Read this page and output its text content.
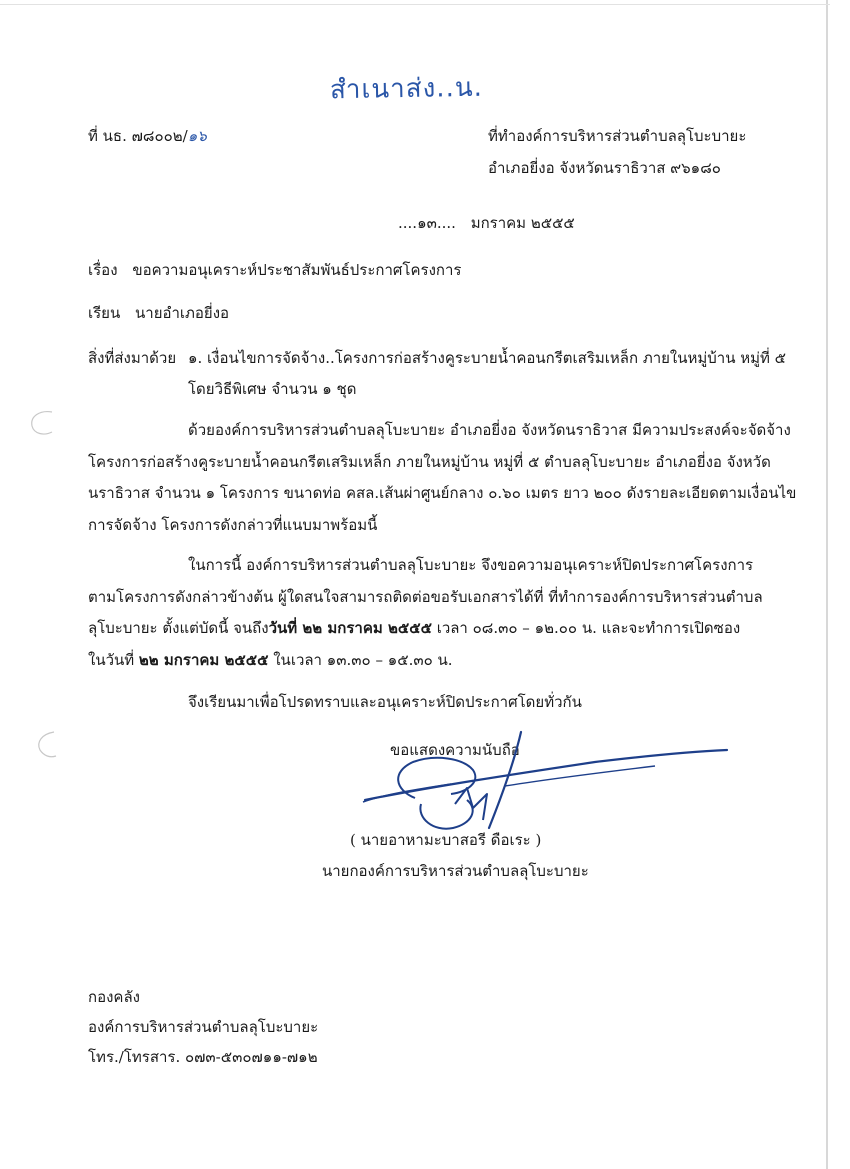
สำเนาส่ง..น.
ที่ นธ. ๗๘๐๐๒/๑๖	ที่ทำองค์การบริหารส่วนตำบลลุโบะบายะ
อำเภอยี่งอ จังหวัดนราธิวาส ๙๖๑๘๐
....๑๓.... มกราคม ๒๕๕๕
เรื่อง ขอความอนุเคราะห์ประชาสัมพันธ์ประกาศโครงการ
เรียน นายอำเภอยี่งอ
สิ่งที่ส่งมาด้วย ๑. เงื่อนไขการจัดจ้าง..โครงการก่อสร้างคูระบายน้ำคอนกรีตเสริมเหล็ก ภายในหมู่บ้าน หมู่ที่ ๕
โดยวิธีพิเศษ จำนวน ๑ ชุด
ด้วยองค์การบริหารส่วนตำบลลุโบะบายะ อำเภอยี่งอ จังหวัดนราธิวาส มีความประสงค์จะจัดจ้าง
โครงการก่อสร้างคูระบายน้ำคอนกรีตเสริมเหล็ก ภายในหมู่บ้าน หมู่ที่ ๕ ตำบลลุโบะบายะ อำเภอยี่งอ จังหวัด
นราธิวาส จำนวน ๑ โครงการ ขนาดท่อ คสล.เส้นผ่าศูนย์กลาง ๐.๖๐ เมตร ยาว ๒๐๐ ดังรายละเอียดตามเงื่อนไข
การจัดจ้าง โครงการดังกล่าวที่แนบมาพร้อมนี้
ในการนี้ องค์การบริหารส่วนตำบลลุโบะบายะ จึงขอความอนุเคราะห์ปิดประกาศโครงการ
ตามโครงการดังกล่าวข้างต้น ผู้ใดสนใจสามารถติดต่อขอรับเอกสารได้ที่ ที่ทำการองค์การบริหารส่วนตำบล
ลุโบะบายะ ตั้งแต่บัดนี้ จนถึงวันที่ ๒๒ มกราคม ๒๕๕๕ เวลา ๐๘.๓๐ – ๑๒.๐๐ น. และจะทำการเปิดซอง
ในวันที่ ๒๒ มกราคม ๒๕๕๕ ในเวลา ๑๓.๓๐ – ๑๕.๓๐ น.
จึงเรียนมาเพื่อโปรดทราบและอนุเคราะห์ปิดประกาศโดยทั่วกัน
ขอแสดงความนับถือ
( นายอาหามะบาสอรี ดือเระ )
นายกองค์การบริหารส่วนตำบลลุโบะบายะ
กองคลัง
องค์การบริหารส่วนตำบลลุโบะบายะ
โทร./โทรสาร. ๐๗๓-๕๓๐๗๑๑-๗๑๒
